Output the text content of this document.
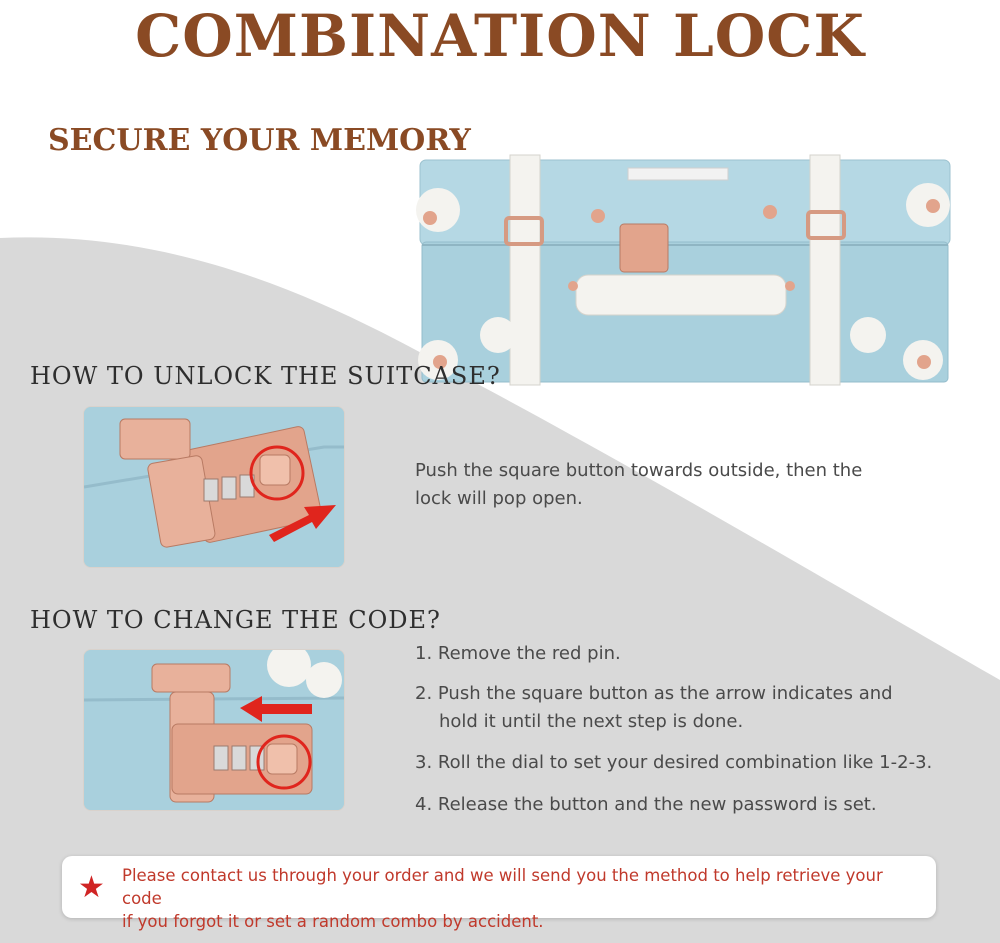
COMBINATION LOCK
SECURE YOUR MEMORY
HOW TO UNLOCK THE SUITCASE?
Push the square button towards outside, then the
lock will pop open.
HOW TO CHANGE THE CODE?
1. Remove the red pin.
2. Push the square button as the arrow indicates and
hold it until the next step is done.
3. Roll the dial to set your desired combination like 1-2-3.
4. Release the button and the new password is set.
★ Please contact us through your order and we will send you the method to help retrieve your code
if you forgot it or set a random combo by accident.
